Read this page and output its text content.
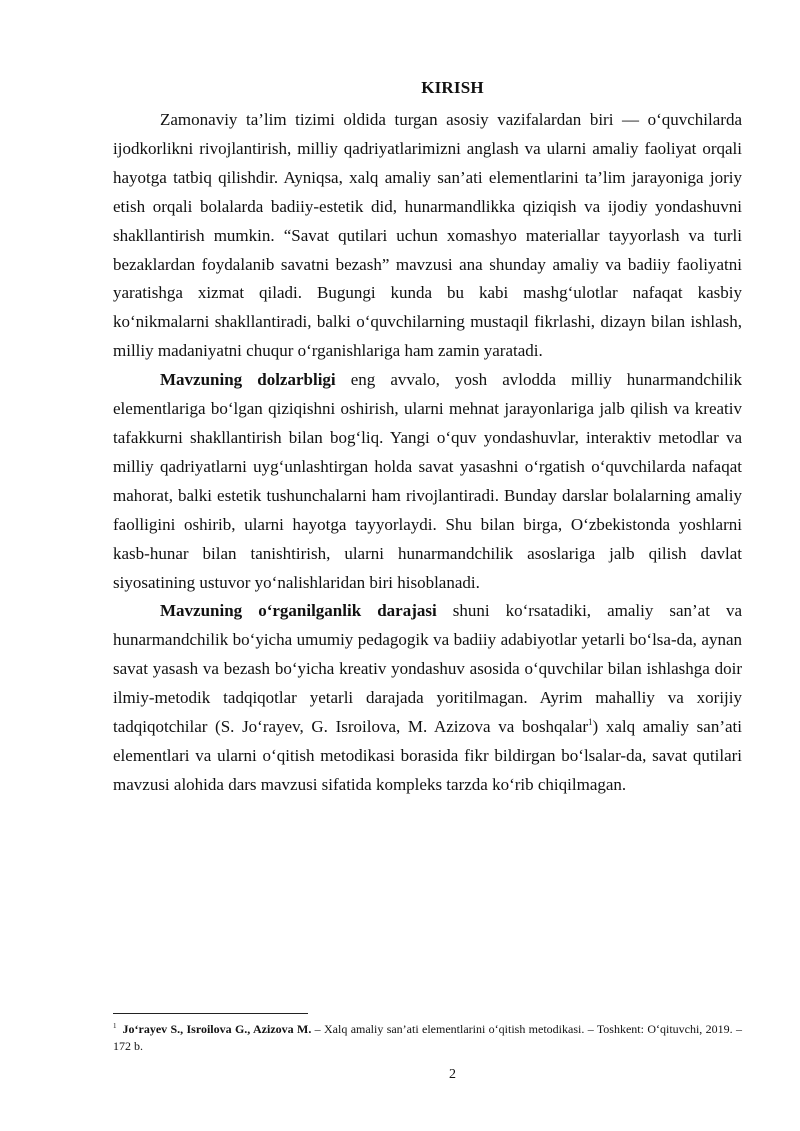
KIRISH

Zamonaviy ta’lim tizimi oldida turgan asosiy vazifalardan biri — o‘quvchilarda ijodkorlikni rivojlantirish, milliy qadriyatlarimizni anglash va ularni amaliy faoliyat orqali hayotga tatbiq qilishdir. Ayniqsa, xalq amaliy san’ati elementlarini ta’lim jarayoniga joriy etish orqali bolalarda badiiy-estetik did, hunarmandlikka qiziqish va ijodiy yondashuvni shakllantirish mumkin. “Savat qutilari uchun xomashyo materiallar tayyorlash va turli bezaklardan foydalanib savatni bezash” mavzusi ana shunday amaliy va badiiy faoliyatni yaratishga xizmat qiladi. Bugungi kunda bu kabi mashg‘ulotlar nafaqat kasbiy ko‘nikmalarni shakllantiradi, balki o‘quvchilarning mustaqil fikrlashi, dizayn bilan ishlash, milliy madaniyatni chuqur o‘rganishlariga ham zamin yaratadi.

Mavzuning dolzarbligi eng avvalo, yosh avlodda milliy hunarmandchilik elementlariga bo‘lgan qiziqishni oshirish, ularni mehnat jarayonlariga jalb qilish va kreativ tafakkurni shakllantirish bilan bog‘liq. Yangi o‘quv yondashuvlar, interaktiv metodlar va milliy qadriyatlarni uyg‘unlashtirgan holda savat yasashni o‘rgatish o‘quvchilarda nafaqat mahorat, balki estetik tushunchalarni ham rivojlantiradi. Bunday darslar bolalarning amaliy faolligini oshirib, ularni hayotga tayyorlaydi. Shu bilan birga, O‘zbekistonda yoshlarni kasb-hunar bilan tanishtirish, ularni hunarmandchilik asoslariga jalb qilish davlat siyosatining ustuvor yo‘nalishlaridan biri hisoblanadi.

Mavzuning o‘rganilganlik darajasi shuni ko‘rsatadiki, amaliy san’at va hunarmandchilik bo‘yicha umumiy pedagogik va badiiy adabiyotlar yetarli bo‘lsa-da, aynan savat yasash va bezash bo‘yicha kreativ yondashuv asosida o‘quvchilar bilan ishlashga doir ilmiy-metodik tadqiqotlar yetarli darajada yoritilmagan. Ayrim mahalliy va xorijiy tadqiqotchilar (S. Jo‘rayev, G. Isroilova, M. Azizova va boshqalar$^1$) xalq amaliy san’ati elementlari va ularni o‘qitish metodikasi borasida fikr bildirgan bo‘lsalar-da, savat qutilari mavzusi alohida dars mavzusi sifatida kompleks tarzda ko‘rib chiqilmagan.

$^1$ Jo‘rayev S., Isroilova G., Azizova M. – Xalq amaliy san’ati elementlarini o‘qitish metodikasi. – Toshkent: O‘qituvchi, 2019. – 172 b.

2
